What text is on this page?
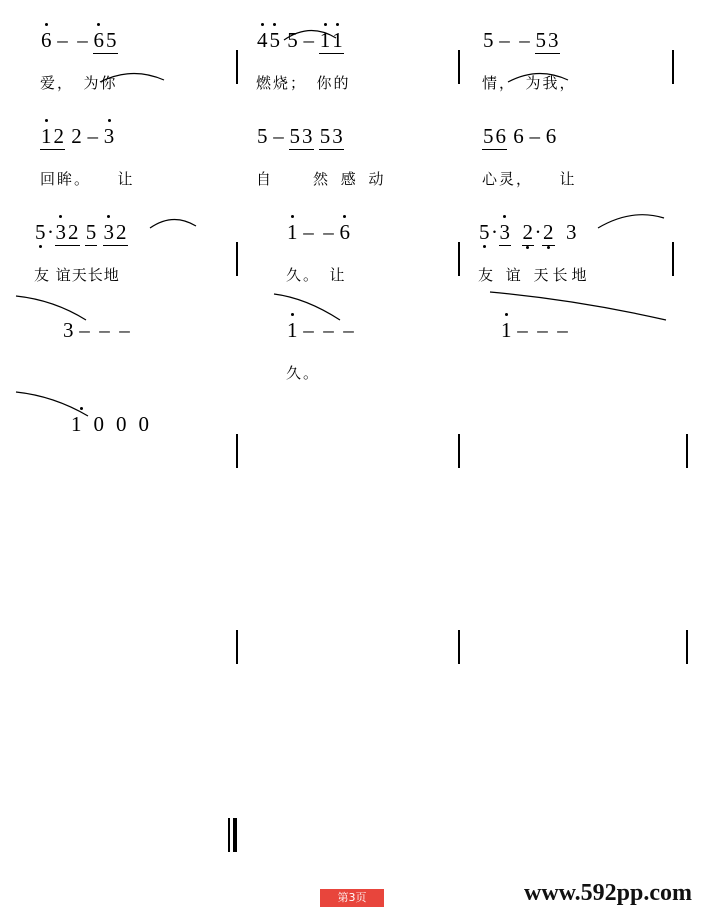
6 – – 65
爱，　为你
45 5 – 11
燃烧；　你的
5 – – 53
情，　为我，
12 2 – 3
回眸。　　让
5 – 53 53
自　　然 感 动
56 6 – 6
心灵，　　让
5·32 5 32
友 谊天长地
1 – – 6
久。　让
5·3 2·2 3
友 谊 天长地
3 – – –	1 – – –
久。
1 – – –
1000
第3页	www.592pp.com
